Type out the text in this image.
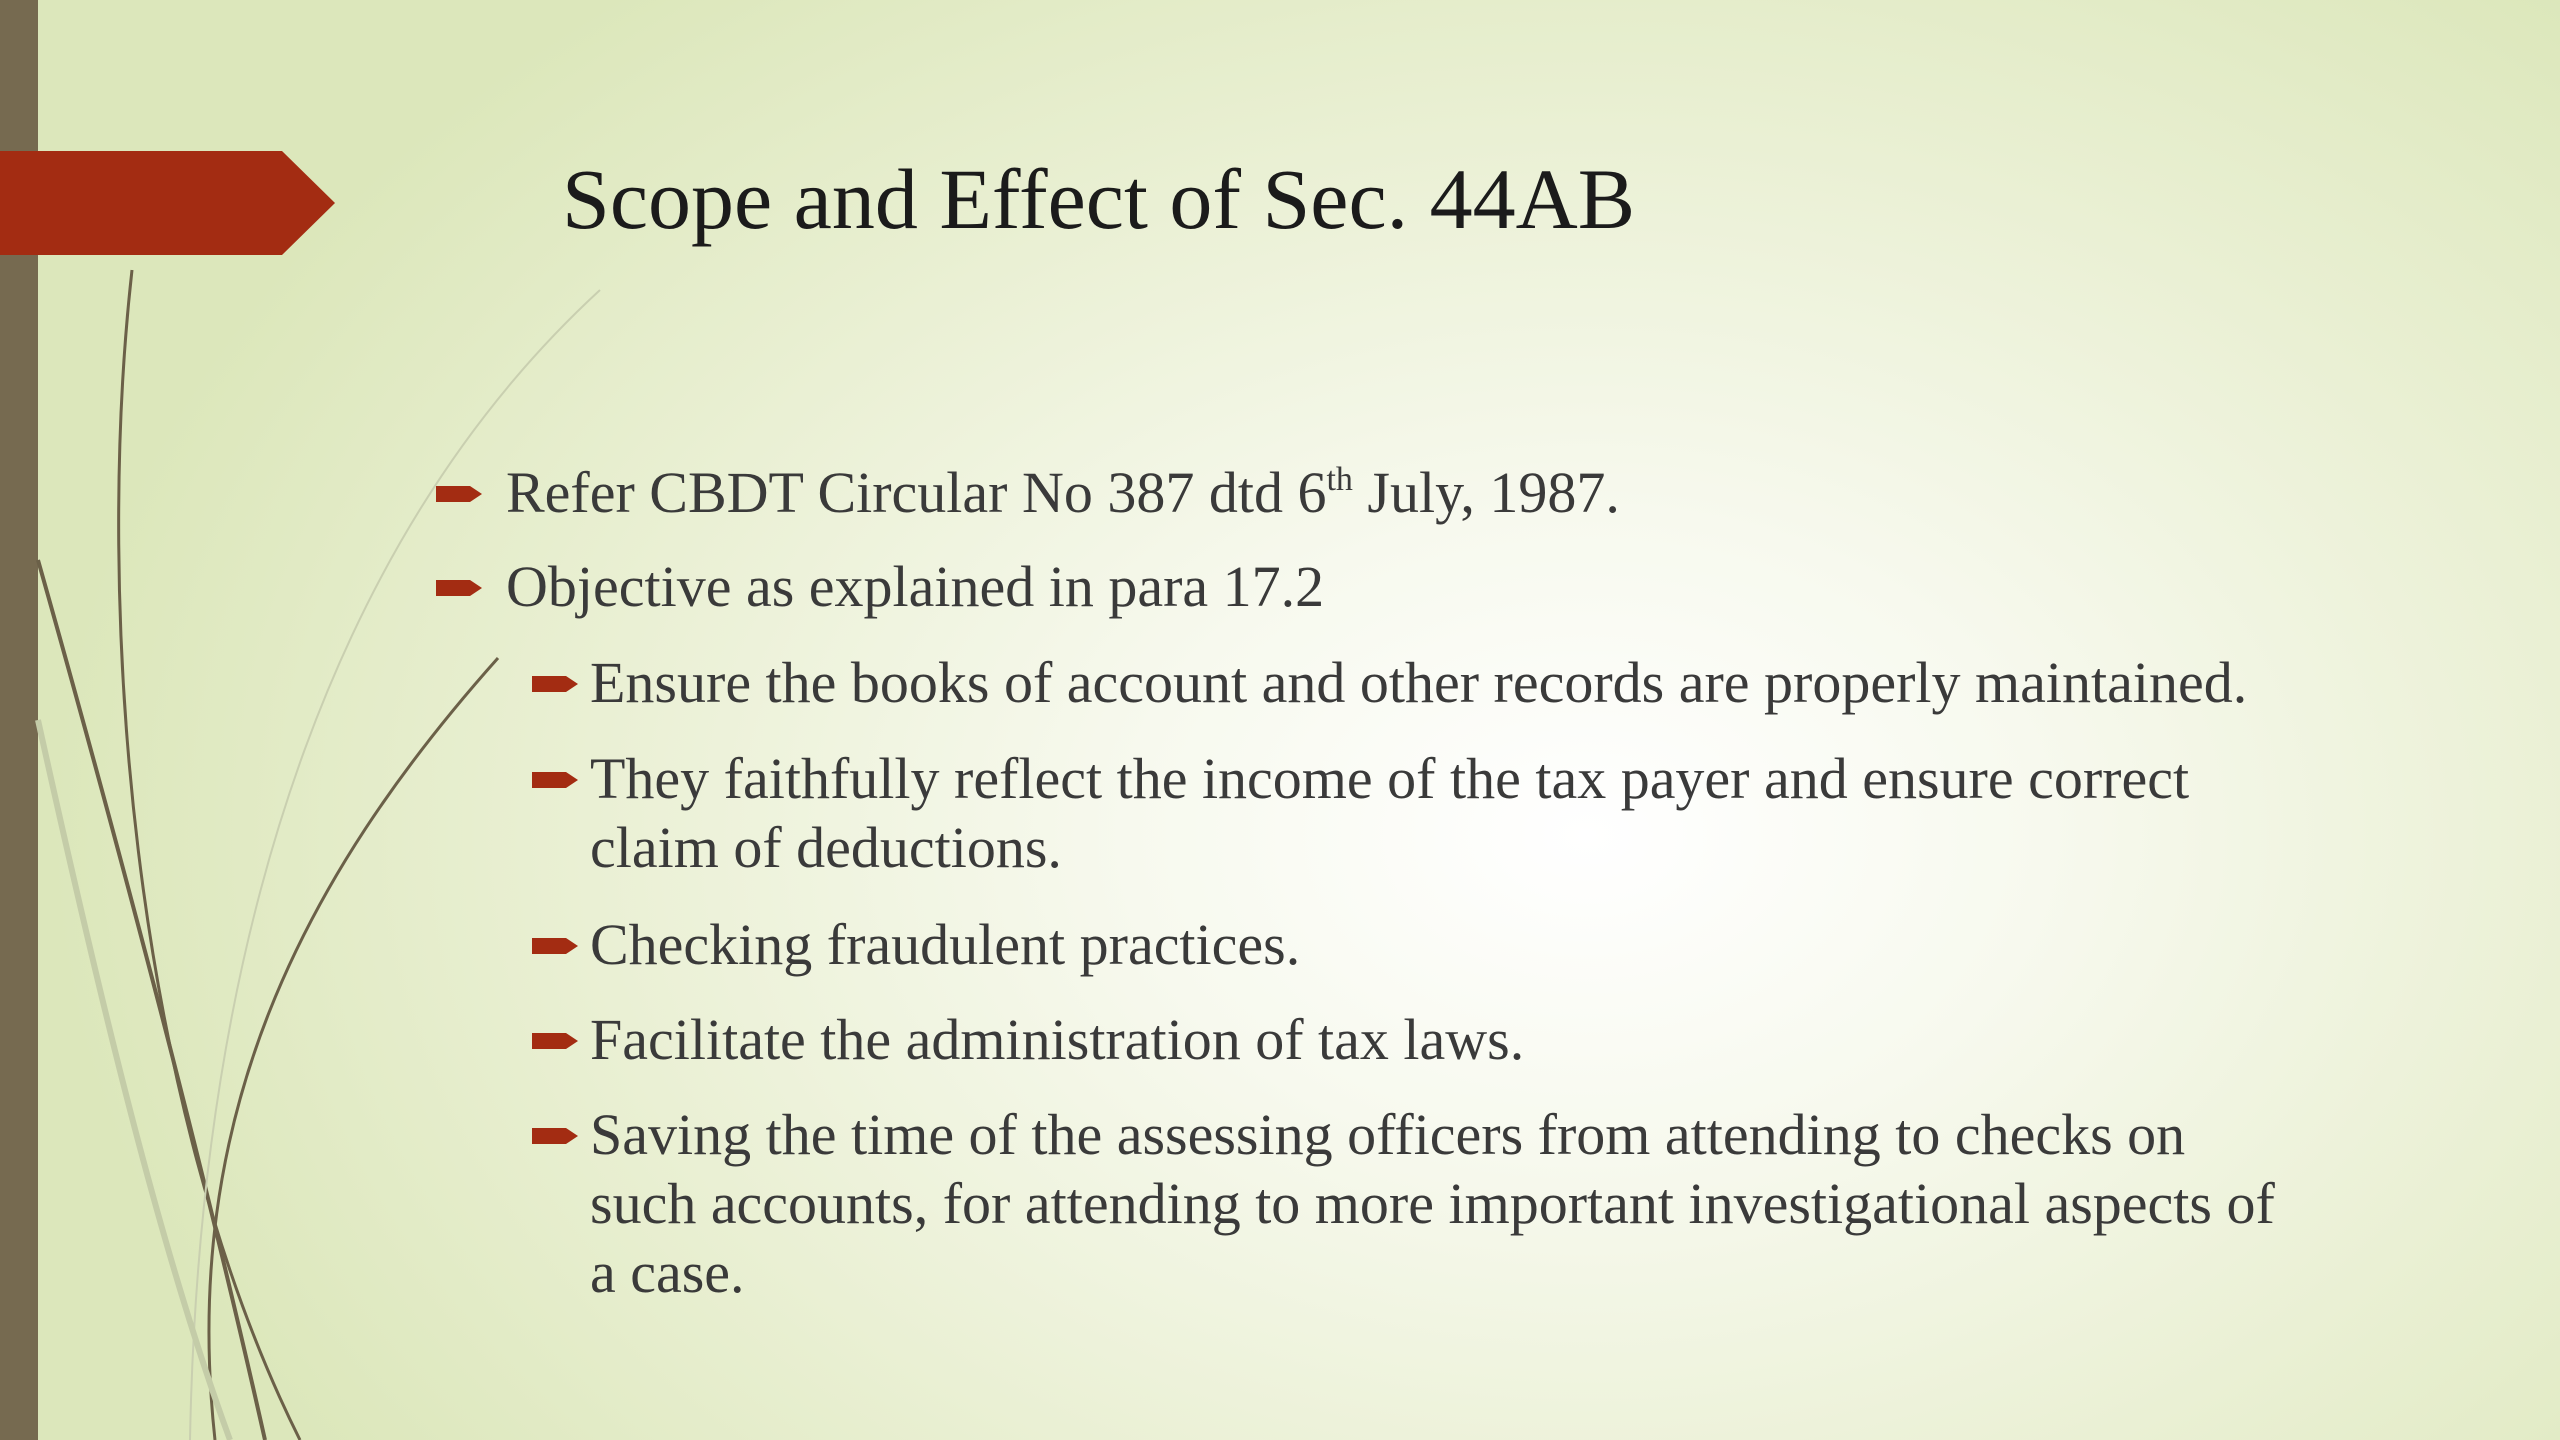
Scope and Effect of Sec. 44AB
Refer CBDT Circular No 387 dtd 6th July, 1987.
Objective as explained in para 17.2
Ensure the books of account and other records are properly maintained.
They faithfully reflect the income of the tax payer and ensure correct
claim of deductions.
Checking fraudulent practices.
Facilitate the administration of tax laws.
Saving the time of the assessing officers from attending to checks on
such accounts, for attending to more important investigational aspects of
a case.
